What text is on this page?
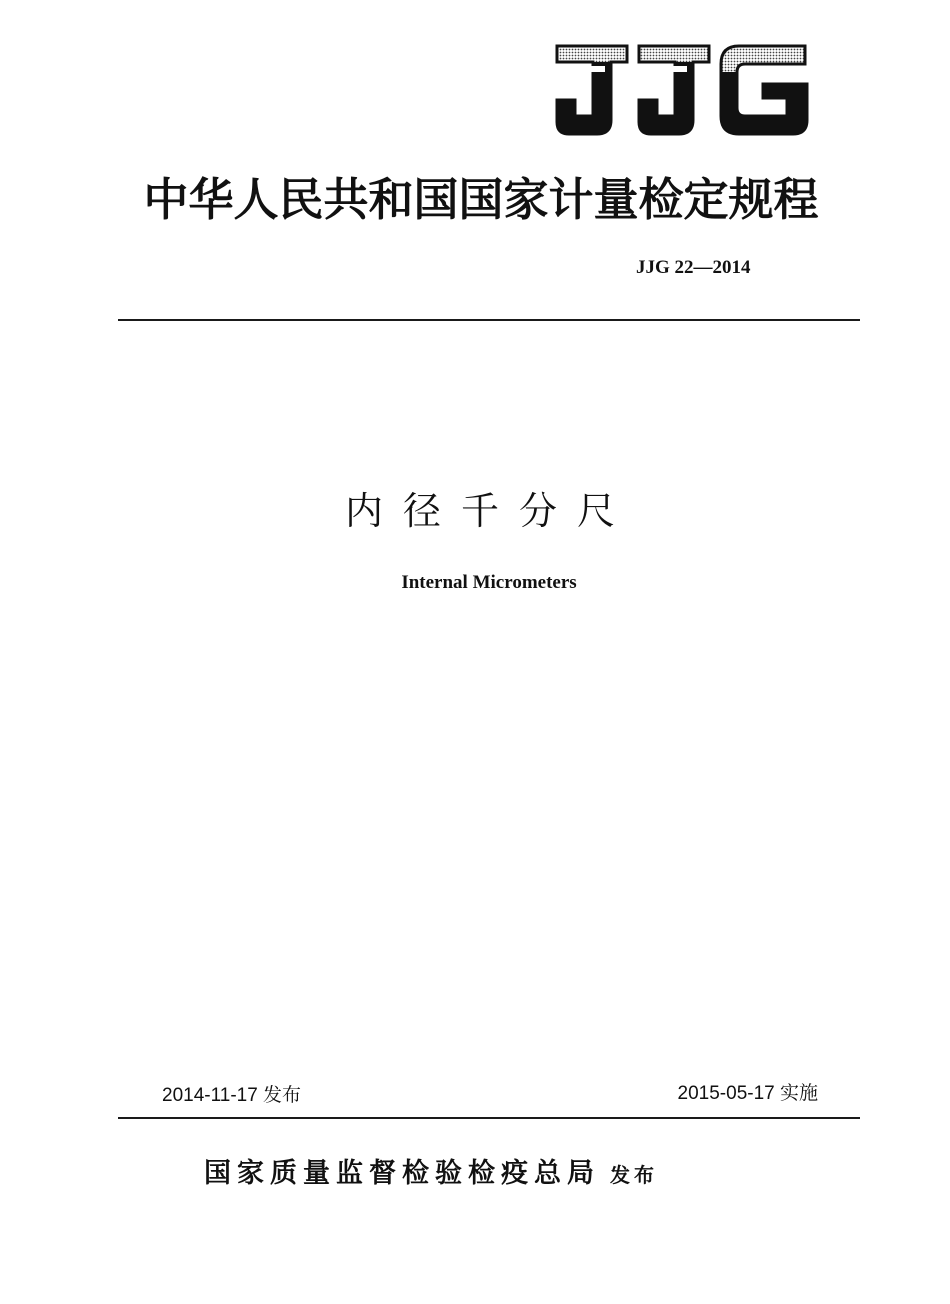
中华人民共和国国家计量检定规程
JJG 22—2014
内径千分尺
Internal Micrometers
2014-11-17 发布	2015-05-17 实施
国家质量监督检验检疫总局 发布
